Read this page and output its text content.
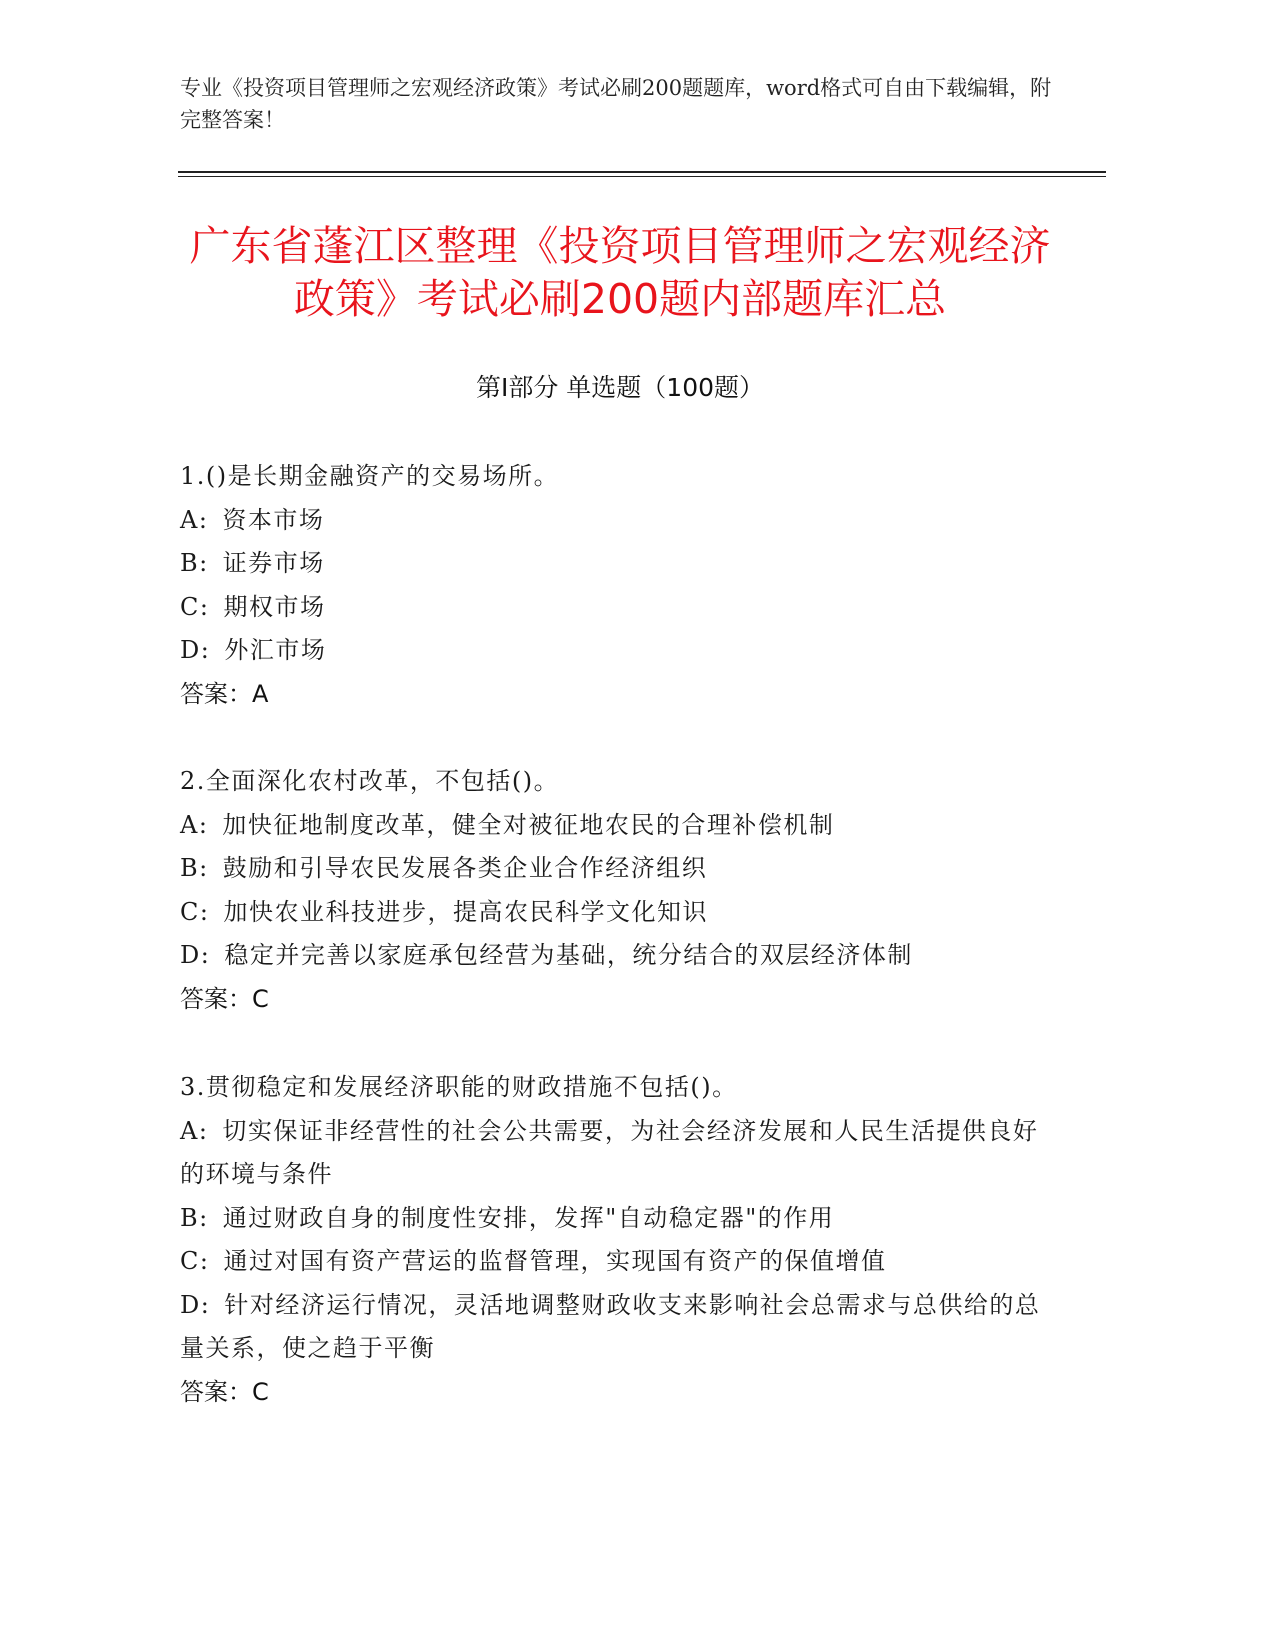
专业《投资项目管理师之宏观经济政策》考试必刷200题题库，word格式可自由下载编辑，附完整答案！
广东省蓬江区整理《投资项目管理师之宏观经济政策》考试必刷200题内部题库汇总
第Ⅰ部分 单选题（100题）

1.()是长期金融资产的交易场所。

A: 资本市场

B: 证券市场

C: 期权市场

D: 外汇市场

答案：A

2.全面深化农村改革，不包括()。

A: 加快征地制度改革，健全对被征地农民的合理补偿机制

B: 鼓励和引导农民发展各类企业合作经济组织

C: 加快农业科技进步，提高农民科学文化知识

D: 稳定并完善以家庭承包经营为基础，统分结合的双层经济体制

答案：C

3.贯彻稳定和发展经济职能的财政措施不包括()。

A: 切实保证非经营性的社会公共需要，为社会经济发展和人民生活提供良好的环境与条件

B: 通过财政自身的制度性安排，发挥"自动稳定器"的作用

C: 通过对国有资产营运的监督管理，实现国有资产的保值增值

D: 针对经济运行情况，灵活地调整财政收支来影响社会总需求与总供给的总量关系，使之趋于平衡

答案：C
